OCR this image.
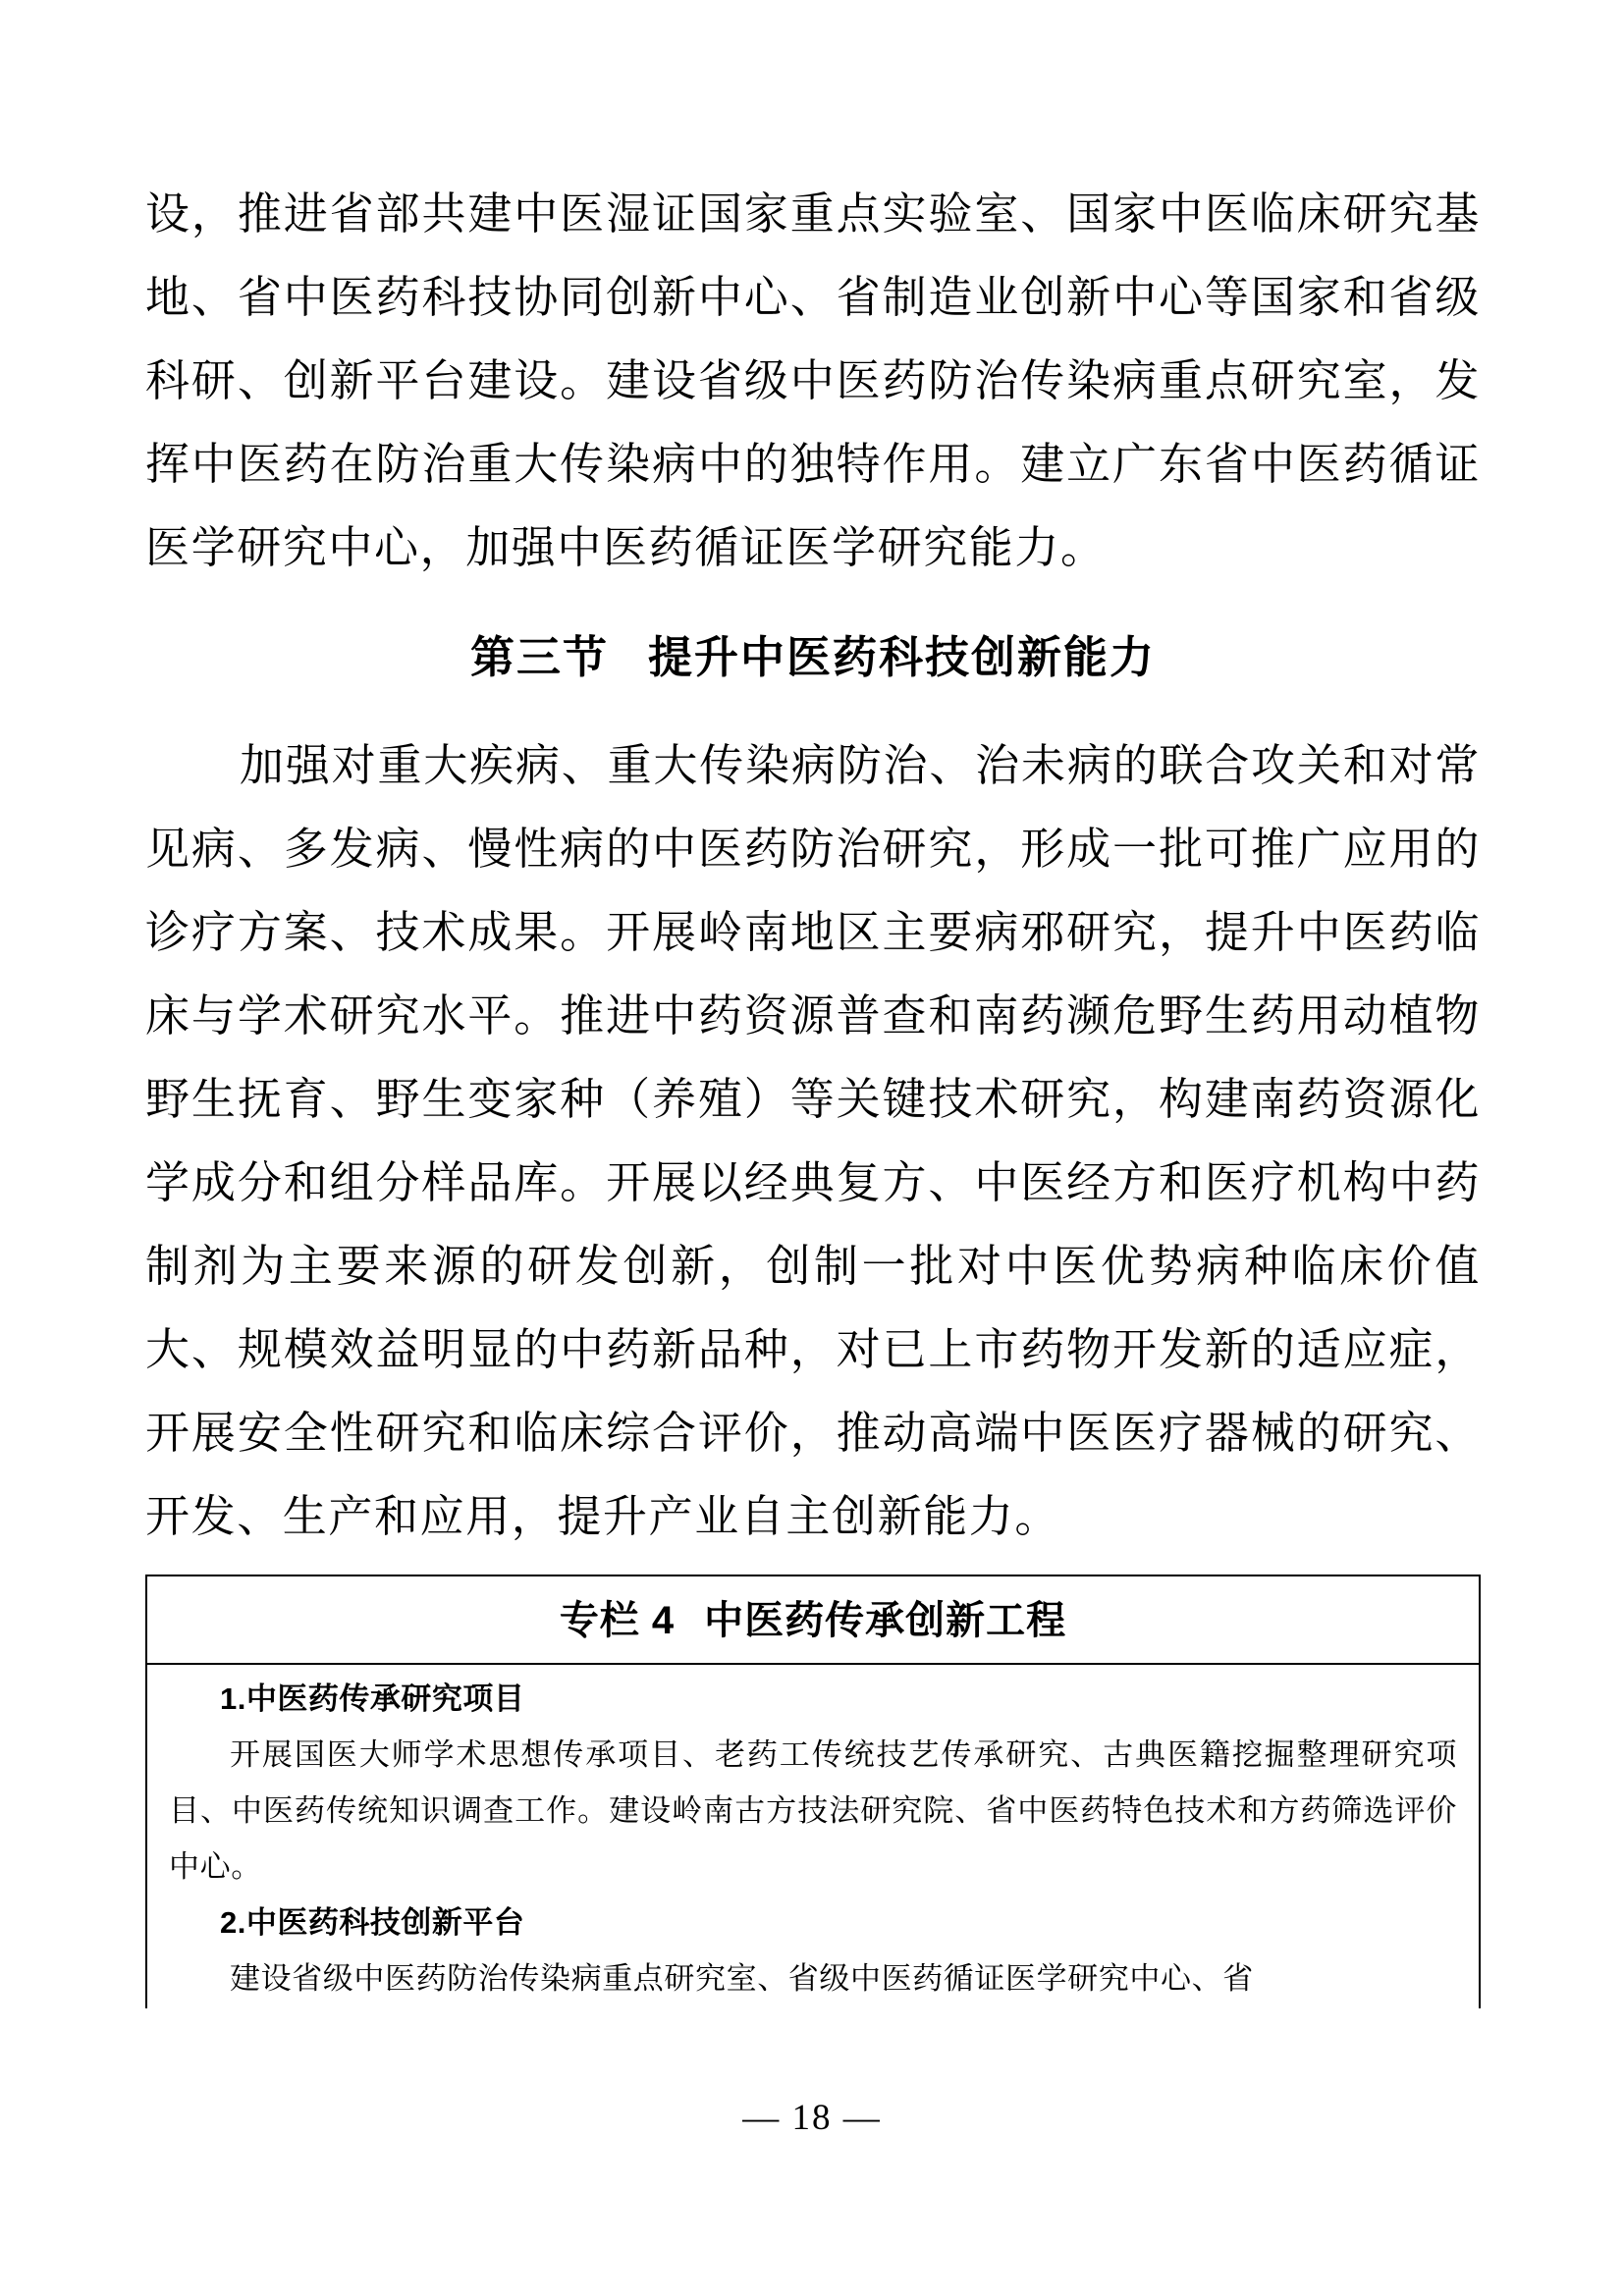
设，推进省部共建中医湿证国家重点实验室、国家中医临床研究基地、省中医药科技协同创新中心、省制造业创新中心等国家和省级科研、创新平台建设。建设省级中医药防治传染病重点研究室，发挥中医药在防治重大传染病中的独特作用。建立广东省中医药循证医学研究中心，加强中医药循证医学研究能力。

第三节 提升中医药科技创新能力

加强对重大疾病、重大传染病防治、治未病的联合攻关和对常见病、多发病、慢性病的中医药防治研究，形成一批可推广应用的诊疗方案、技术成果。开展岭南地区主要病邪研究，提升中医药临床与学术研究水平。推进中药资源普查和南药濒危野生药用动植物野生抚育、野生变家种（养殖）等关键技术研究，构建南药资源化学成分和组分样品库。开展以经典复方、中医经方和医疗机构中药制剂为主要来源的研发创新，创制一批对中医优势病种临床价值大、规模效益明显的中药新品种，对已上市药物开发新的适应症，开展安全性研究和临床综合评价，推动高端中医医疗器械的研究、开发、生产和应用，提升产业自主创新能力。

专栏 4 中医药传承创新工程

1.中医药传承研究项目

开展国医大师学术思想传承项目、老药工传统技艺传承研究、古典医籍挖掘整理研究项目、中医药传统知识调查工作。建设岭南古方技法研究院、省中医药特色技术和方药筛选评价中心。

2.中医药科技创新平台

建设省级中医药防治传染病重点研究室、省级中医药循证医学研究中心、省

— 18 —
